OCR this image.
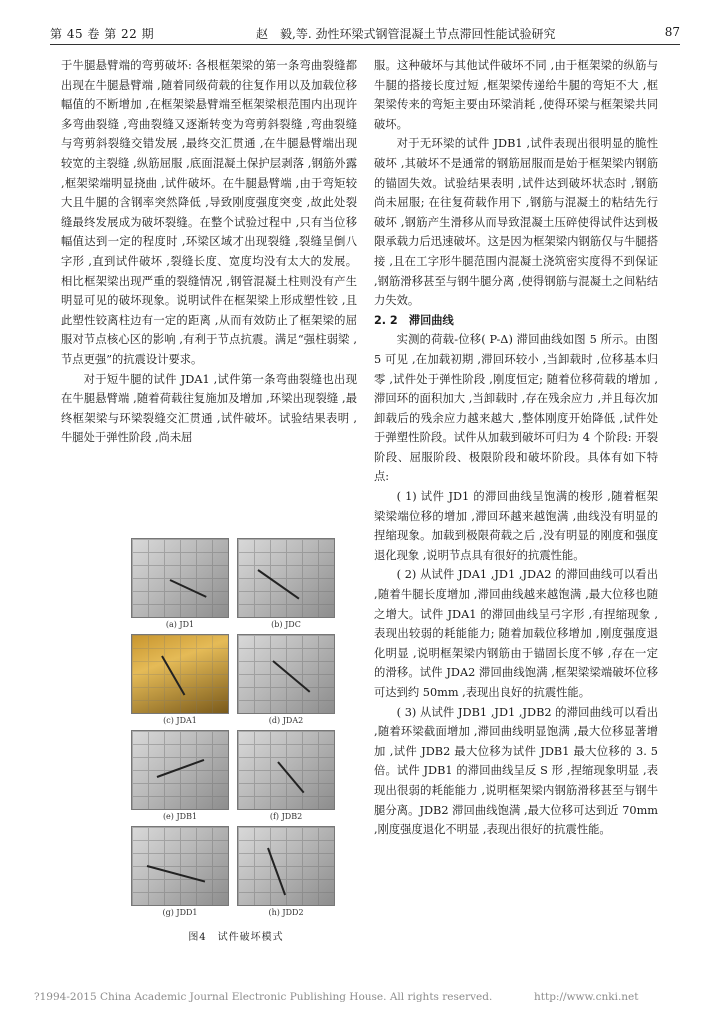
第 45 卷 第 22 期	赵　毅,等. 劲性环梁式钢管混凝土节点滞回性能试验研究	87

于牛腿悬臂端的弯剪破坏: 各根框架梁的第一条弯曲裂缝都出现在牛腿悬臂端 ,随着同级荷载的往复作用以及加载位移幅值的不断增加 ,在框架梁悬臂端至框架梁根范围内出现许多弯曲裂缝 ,弯曲裂缝又逐渐转变为弯剪斜裂缝 ,弯曲裂缝与弯剪斜裂缝交错发展 ,最终交汇贯通 ,在牛腿悬臂端出现较宽的主裂缝 ,纵筋屈服 ,底面混凝土保护层剥落 ,钢筋外露 ,框架梁端明显挠曲 ,试件破坏。在牛腿悬臂端 ,由于弯矩较大且牛腿的含钢率突然降低 ,导致刚度强度突变 ,故此处裂缝最终发展成为破坏裂缝。在整个试验过程中 ,只有当位移幅值达到一定的程度时 ,环梁区域才出现裂缝 ,裂缝呈倒八字形 ,直到试件破坏 ,裂缝长度、宽度均没有太大的发展。相比框架梁出现严重的裂缝情况 ,钢管混凝土柱则没有产生明显可见的破坏现象。说明试件在框架梁上形成塑性铰 ,且此塑性铰离柱边有一定的距离 ,从而有效防止了框架梁的屈服对节点核心区的影响 ,有利于节点抗震。满足“强柱弱梁 ,节点更强”的抗震设计要求。

对于短牛腿的试件 JDA1 ,试件第一条弯曲裂缝也出现在牛腿悬臂端 ,随着荷载往复施加及增加 ,环梁出现裂缝 ,最终框架梁与环梁裂缝交汇贯通 ,试件破坏。试验结果表明 ,牛腿处于弹性阶段 ,尚未屈

(a) JD1	(b) JDC
(c) JDA1	(d) JDA2
(e) JDB1	(f) JDB2
(g) JDD1	(h) JDD2
图4　试件破坏模式

服。这种破坏与其他试件破坏不同 ,由于框架梁的纵筋与牛腿的搭接长度过短 ,框架梁传递给牛腿的弯矩不大 ,框架梁传来的弯矩主要由环梁消耗 ,使得环梁与框架梁共同破坏。

对于无环梁的试件 JDB1 ,试件表现出很明显的脆性破坏 ,其破坏不是通常的钢筋屈服而是始于框架梁内钢筋的锚固失效。试验结果表明 ,试件达到破坏状态时 ,钢筋尚未屈服; 在往复荷载作用下 ,钢筋与混凝土的粘结先行破坏 ,钢筋产生滑移从而导致混凝土压碎使得试件达到极限承载力后迅速破坏。这是因为框架梁内钢筋仅与牛腿搭接 ,且在工字形牛腿范围内混凝土浇筑密实度得不到保证 ,钢筋滑移甚至与钢牛腿分离 ,使得钢筋与混凝土之间粘结力失效。

2. 2　滞回曲线

实测的荷载-位移( P-Δ) 滞回曲线如图 5 所示。由图 5 可见 ,在加载初期 ,滞回环较小 ,当卸载时 ,位移基本归零 ,试件处于弹性阶段 ,刚度恒定; 随着位移荷载的增加 ,滞回环的面积加大 ,当卸载时 ,存在残余应力 ,并且每次加卸载后的残余应力越来越大 ,整体刚度开始降低 ,试件处于弹塑性阶段。试件从加载到破坏可归为 4 个阶段: 开裂阶段、屈服阶段、极限阶段和破坏阶段。具体有如下特点:

( 1) 试件 JD1 的滞回曲线呈饱满的梭形 ,随着框架梁梁端位移的增加 ,滞回环越来越饱满 ,曲线没有明显的捏缩现象。加载到极限荷载之后 ,没有明显的刚度和强度退化现象 ,说明节点具有很好的抗震性能。

( 2) 从试件 JDA1 ,JD1 ,JDA2 的滞回曲线可以看出 ,随着牛腿长度增加 ,滞回曲线越来越饱满 ,最大位移也随之增大。试件 JDA1 的滞回曲线呈弓字形 ,有捏缩现象 ,表现出较弱的耗能能力; 随着加载位移增加 ,刚度强度退化明显 ,说明框架梁内钢筋由于锚固长度不够 ,存在一定的滑移。试件 JDA2 滞回曲线饱满 ,框架梁梁端破坏位移可达到约 50mm ,表现出良好的抗震性能。

( 3) 从试件 JDB1 ,JD1 ,JDB2 的滞回曲线可以看出 ,随着环梁截面增加 ,滞回曲线明显饱满 ,最大位移显著增加 ,试件 JDB2 最大位移为试件 JDB1 最大位移的 3. 5 倍。试件 JDB1 的滞回曲线呈反 S 形 ,捏缩现象明显 ,表现出很弱的耗能能力 ,说明框架梁内钢筋滑移甚至与钢牛腿分离。JDB2 滞回曲线饱满 ,最大位移可达到近 70mm ,刚度强度退化不明显 ,表现出很好的抗震性能。

?1994-2015 China Academic Journal Electronic Publishing House. All rights reserved.	http://www.cnki.net
